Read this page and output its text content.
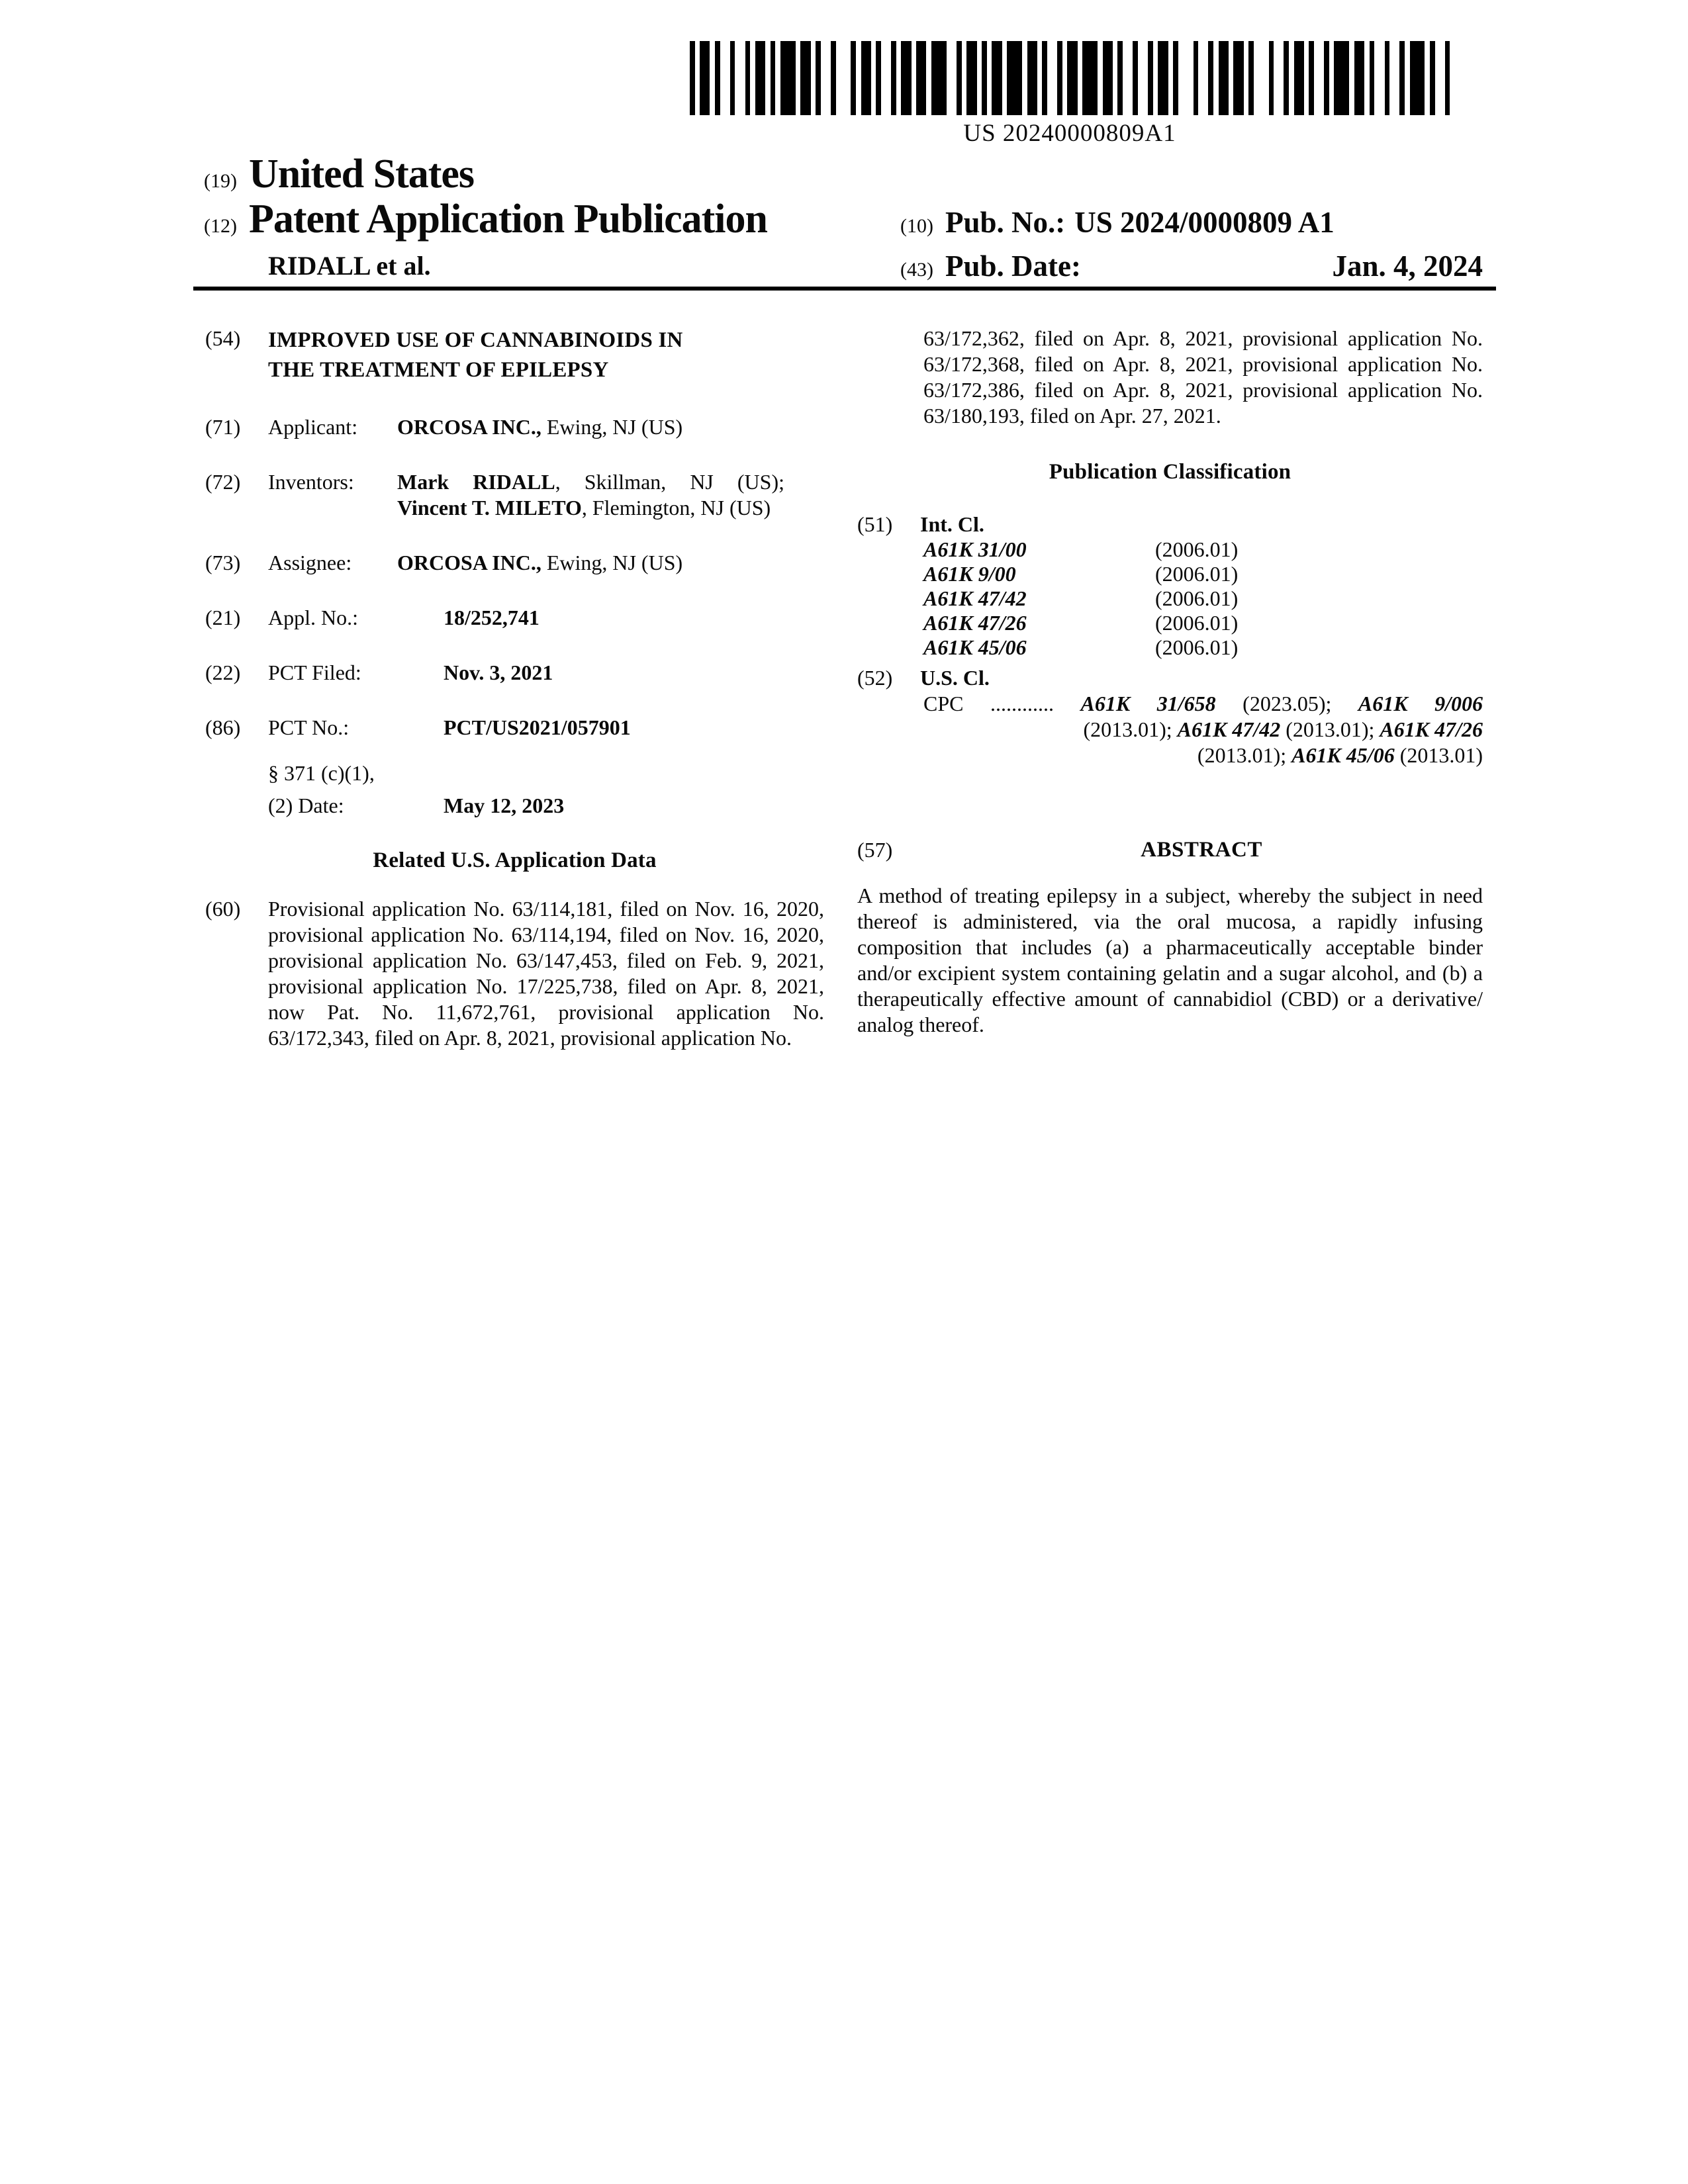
US 20240000809A1
(19) United States
(12) Patent Application Publication
RIDALL et al.
(10) Pub. No.: US 2024/0000809 A1
(43) Pub. Date:	Jan. 4, 2024
(54)	IMPROVED USE OF CANNABINOIDS IN THE TREATMENT OF EPILEPSY
(71)	Applicant:	ORCOSA INC., Ewing, NJ (US)
(72)	Inventors:	Mark RIDALL, Skillman, NJ (US); Vincent T. MILETO, Flemington, NJ (US)
(73)	Assignee:	ORCOSA INC., Ewing, NJ (US)
(21)	Appl. No.:	18/252,741
(22)	PCT Filed:	Nov. 3, 2021
(86)	PCT No.:	PCT/US2021/057901
§ 371 (c)(1),
(2) Date:	May 12, 2023
Related U.S. Application Data
(60)	Provisional application No. 63/114,181, filed on Nov. 16, 2020, provisional application No. 63/114,194, filed on Nov. 16, 2020, provisional application No. 63/147,453, filed on Feb. 9, 2021, provisional application No. 17/225,738, filed on Apr. 8, 2021, now Pat. No. 11,672,761, provisional application No. 63/172,343, filed on Apr. 8, 2021, provisional application No.
63/172,362, filed on Apr. 8, 2021, provisional application No. 63/172,368, filed on Apr. 8, 2021, provisional application No. 63/172,386, filed on Apr. 8, 2021, provisional application No. 63/180,193, filed on Apr. 27, 2021.
Publication Classification
(51)	Int. Cl.
A61K 31/00	(2006.01)
A61K 9/00	(2006.01)
A61K 47/42	(2006.01)
A61K 47/26	(2006.01)
A61K 45/06	(2006.01)
(52)	U.S. Cl.
CPC ............ A61K 31/658 (2023.05); A61K 9/006
(2013.01); A61K 47/42 (2013.01); A61K 47/26
(2013.01); A61K 45/06 (2013.01)
(57)	ABSTRACT
A method of treating epilepsy in a subject, whereby the subject in need thereof is administered, via the oral mucosa, a rapidly infusing composition that includes (a) a pharmaceutically acceptable binder and/or excipient system containing gelatin and a sugar alcohol, and (b) a therapeutically effective amount of cannabidiol (CBD) or a derivative/ analog thereof.
